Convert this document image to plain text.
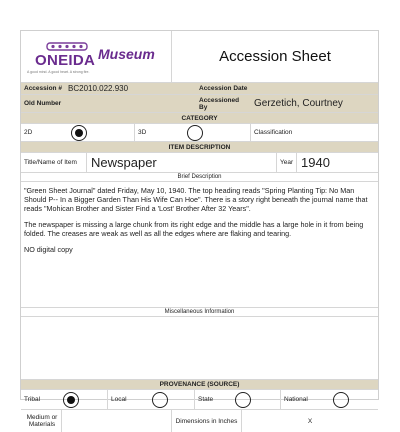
ONEIDA
A good mind. A good heart. A strong fire.
Museum	Accession Sheet
Accession # BC2010.022.930	Accession Date
Old Number	Accessioned By	Gerzetich, Courtney
CATEGORY
2D	3D	Classification
ITEM DESCRIPTION
Title/Name of Item	Newspaper	Year 1940
Brief Description

"Green Sheet Journal" dated Friday, May 10, 1940. The top heading reads "Spring Planting Tip: No Man Should P-- In a Bigger Garden Than His Wife Can Hoe". There is a story right beneath the journal name that reads "Mohican Brother and Sister Find a 'Lost' Brother After 32 Years".

The newspaper is missing a large chunk from its right edge and the middle has a large hole in it from being folded. The creases are weak as well as all the edges where are flaking and tearing.

NO digital copy

Miscellaneous Information
PROVENANCE (SOURCE)
Tribal	Local	State	National
Medium or Materials	Dimensions in Inches	X
